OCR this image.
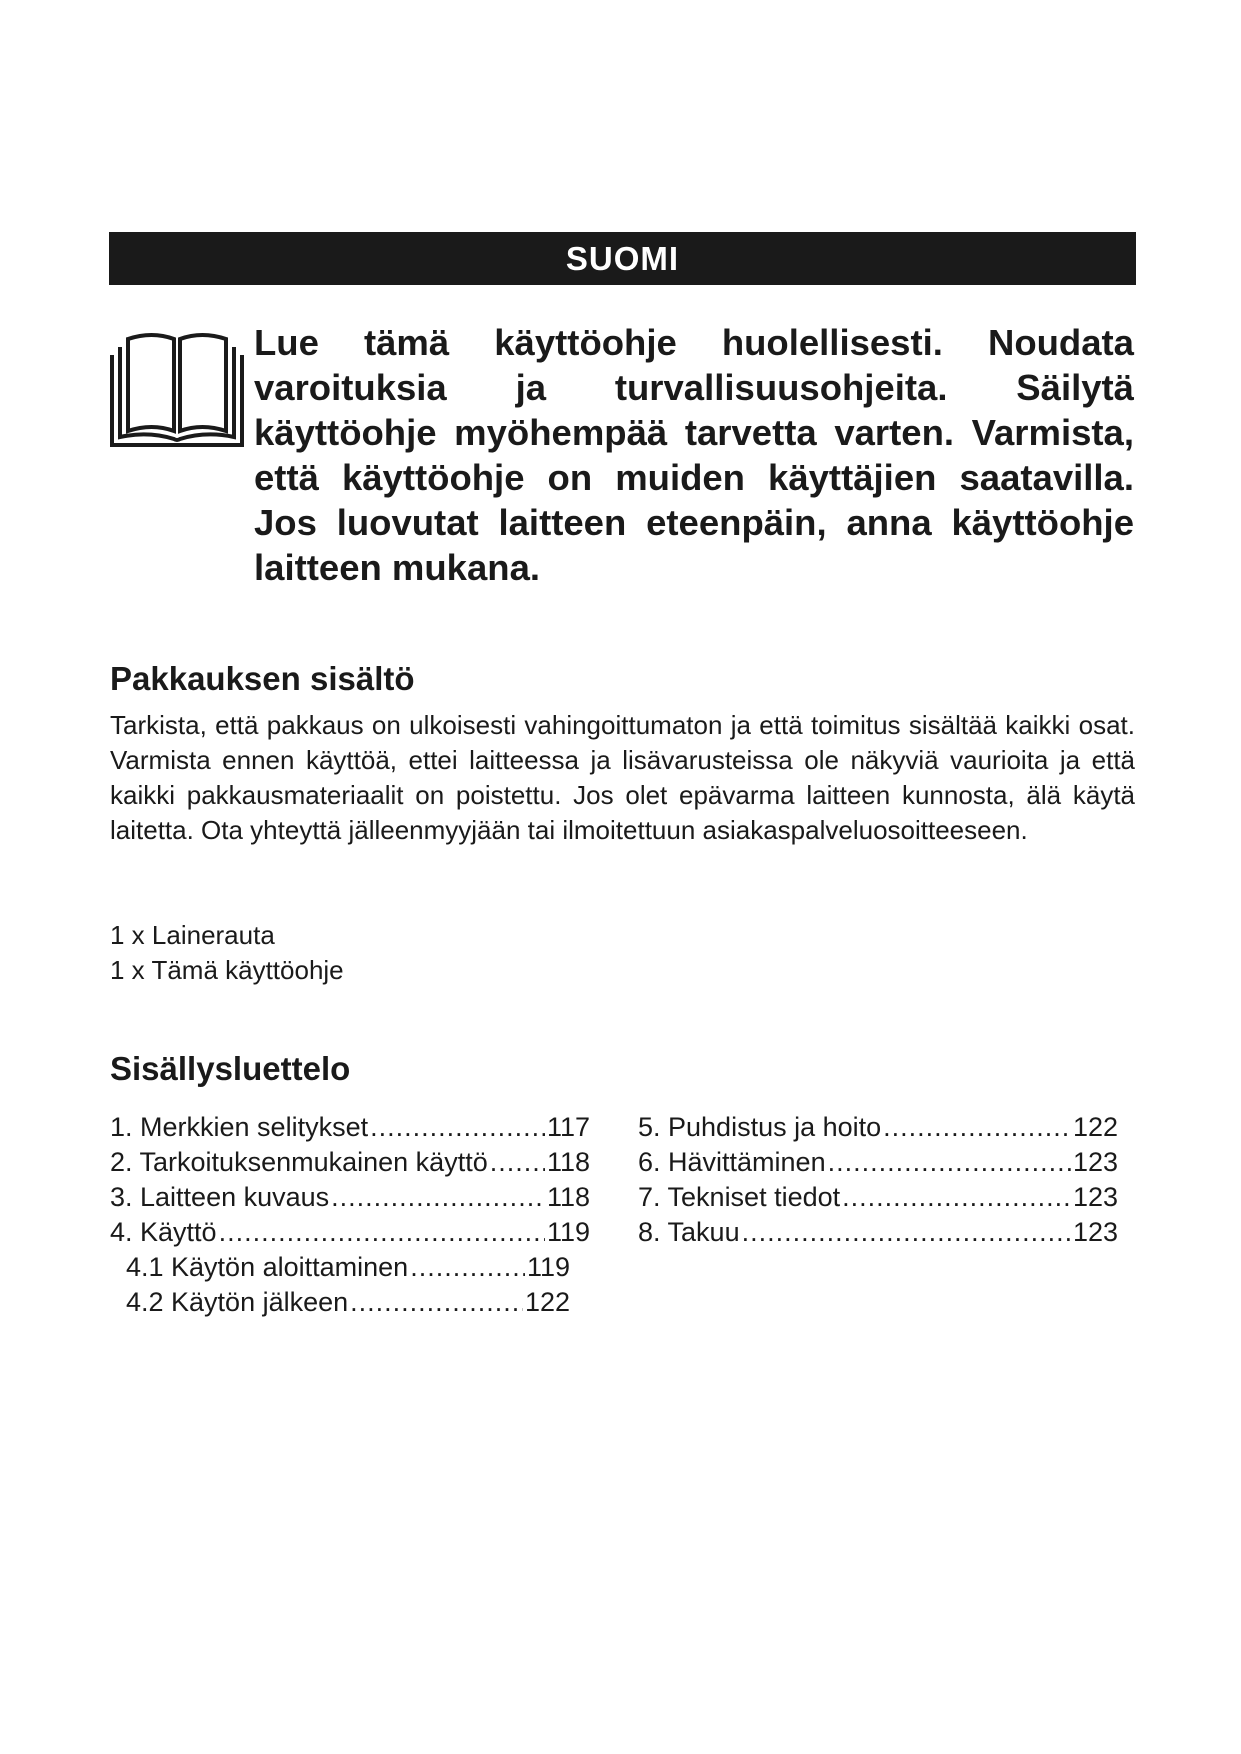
SUOMI

Lue tämä käyttöohje huolellisesti. Noudata varoituksia ja turvallisuusohjeita. Säilytä käyttöohje myöhempää tarvetta varten. Varmista, että käyttöohje on muiden käyttäjien saatavilla. Jos luovutat laitteen eteenpäin, anna käyttöohje laitteen mukana.

Pakkauksen sisältö

Tarkista, että pakkaus on ulkoisesti vahingoittumaton ja että toimitus sisältää kaikki osat. Varmista ennen käyttöä, ettei laitteessa ja lisävarusteissa ole näkyviä vaurioita ja että kaikki pakkausmateriaalit on poistettu. Jos olet epävarma laitteen kunnosta, älä käytä laitetta. Ota yhteyttä jälleenmyyjään tai ilmoitettuun asiakaspalveluosoitteeseen.

1 x Lainerauta
1 x Tämä käyttöohje
Sisällysluettelo
1. Merkkien selitykset .....	117
2. Tarkoituksenmukainen käyttö ..... 118
3. Laitteen kuvaus .....	118
4. Käyttö .....	119
4.1 Käytön aloittaminen .....	119
4.2 Käytön jälkeen .....	122
5. Puhdistus ja hoito .....	122
6. Hävittäminen .....	123
7. Tekniset tiedot .....	123
8. Takuu .....	123
